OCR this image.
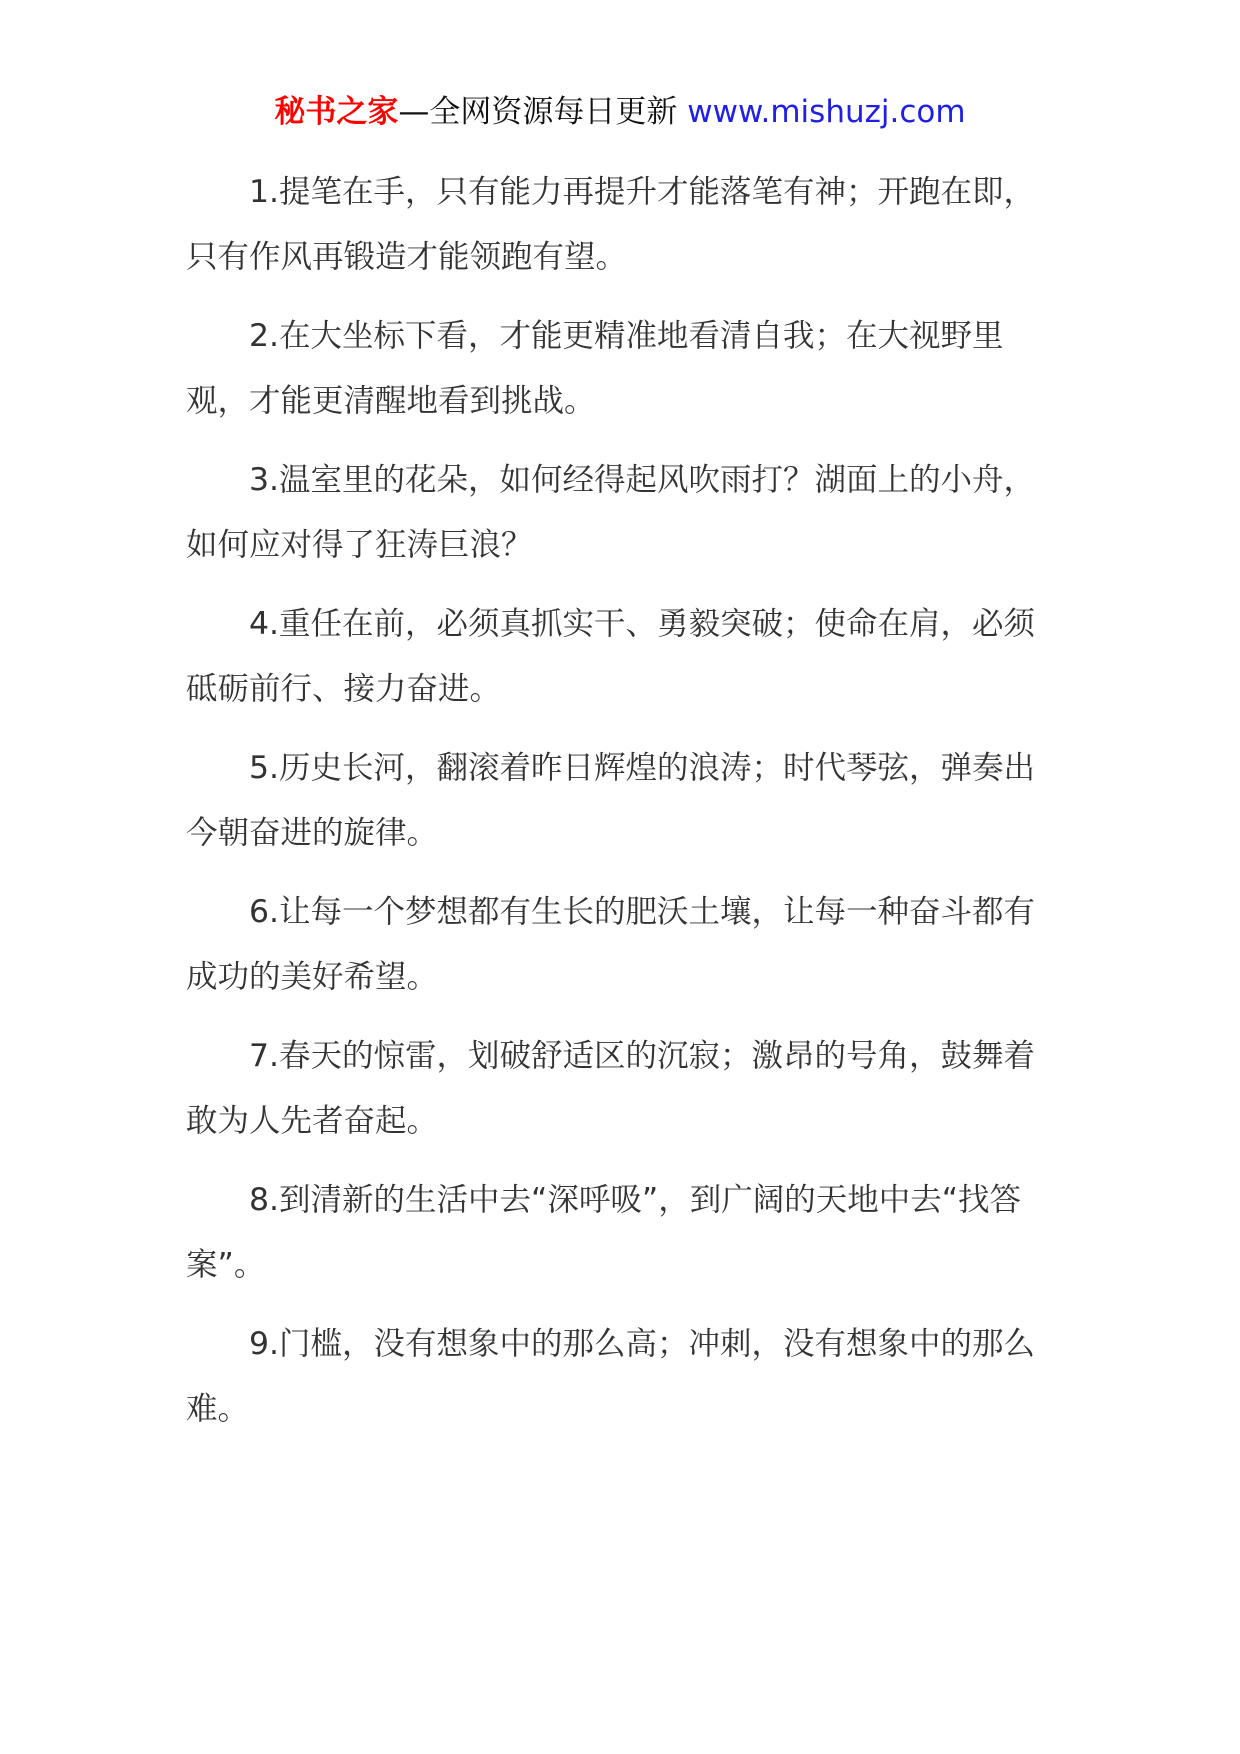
秘书之家—全网资源每日更新 www.mishuzj.com

1.提笔在手，只有能力再提升才能落笔有神；开跑在即，只有作风再锻造才能领跑有望。

2.在大坐标下看，才能更精准地看清自我；在大视野里观，才能更清醒地看到挑战。

3.温室里的花朵，如何经得起风吹雨打？湖面上的小舟，如何应对得了狂涛巨浪？

4.重任在前，必须真抓实干、勇毅突破；使命在肩，必须砥砺前行、接力奋进。

5.历史长河，翻滚着昨日辉煌的浪涛；时代琴弦，弹奏出今朝奋进的旋律。

6.让每一个梦想都有生长的肥沃土壤，让每一种奋斗都有成功的美好希望。

7.春天的惊雷，划破舒适区的沉寂；激昂的号角，鼓舞着敢为人先者奋起。

8.到清新的生活中去“深呼吸”，到广阔的天地中去“找答案”。

9.门槛，没有想象中的那么高；冲刺，没有想象中的那么难。
